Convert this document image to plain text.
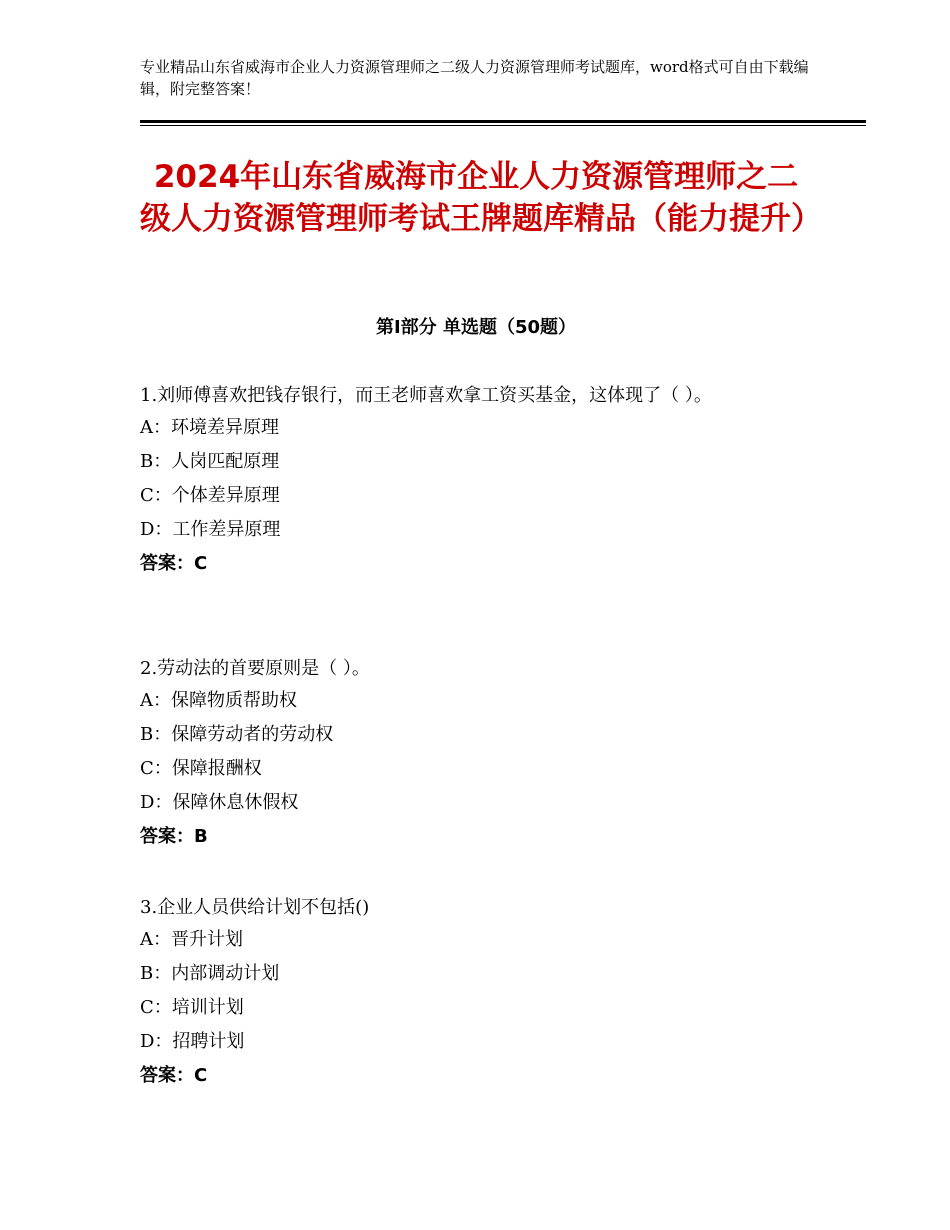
专业精品山东省威海市企业人力资源管理师之二级人力资源管理师考试题库，word格式可自由下载编辑，附完整答案！
2024年山东省威海市企业人力资源管理师之二级人力资源管理师考试王牌题库精品（能力提升）
第Ⅰ部分 单选题（50题）
1.刘师傅喜欢把钱存银行，而王老师喜欢拿工资买基金，这体现了（ ）。
A：环境差异原理
B：人岗匹配原理
C：个体差异原理
D：工作差异原理
答案：C
2.劳动法的首要原则是（ ）。
A：保障物质帮助权
B：保障劳动者的劳动权
C：保障报酬权
D：保障休息休假权
答案：B
3.企业人员供给计划不包括()
A：晋升计划
B：内部调动计划
C：培训计划
D：招聘计划
答案：C
